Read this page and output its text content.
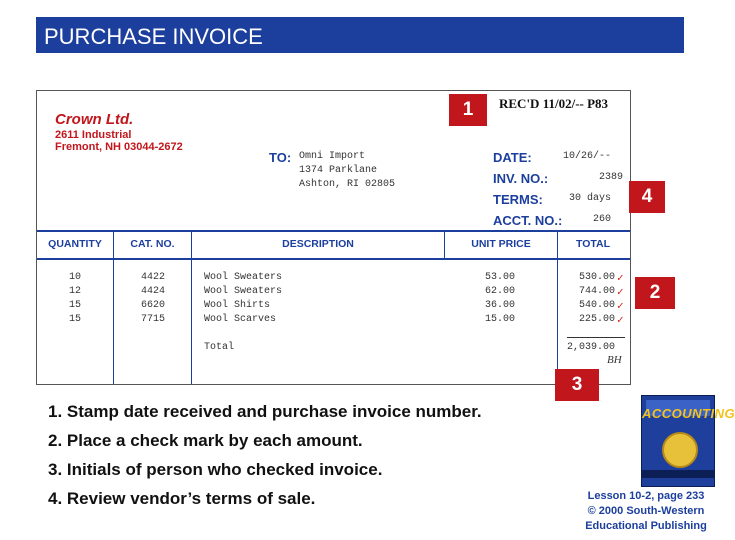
PURCHASE INVOICE
Crown Ltd.
2611 Industrial
Fremont, NH 03044-2672
REC'D 11/02/-- P83
TO: Omni Import
1374 Parklane
Ashton, RI 02805
DATE:	10/26/--
INV. NO.:	2389
TERMS:	30 days
ACCT. NO.:	260
QUANTITY	CAT. NO.	DESCRIPTION	UNIT PRICE	TOTAL
10	4422	Wool Sweaters	53.00	530.00 ✓
12	4424	Wool Sweaters	62.00	744.00 ✓
15	6620	Wool Shirts	36.00	540.00 ✓
15	7715	Wool Scarves	15.00	225.00 ✓
Total	2,039.00
BH
1
4
2
3
1. Stamp date received and purchase invoice number.
2. Place a check mark by each amount.
3. Initials of person who checked invoice.
4. Review vendor’s terms of sale.
ACCOUNTING
Lesson 10-2, page 233
© 2000 South-Western
Educational Publishing
